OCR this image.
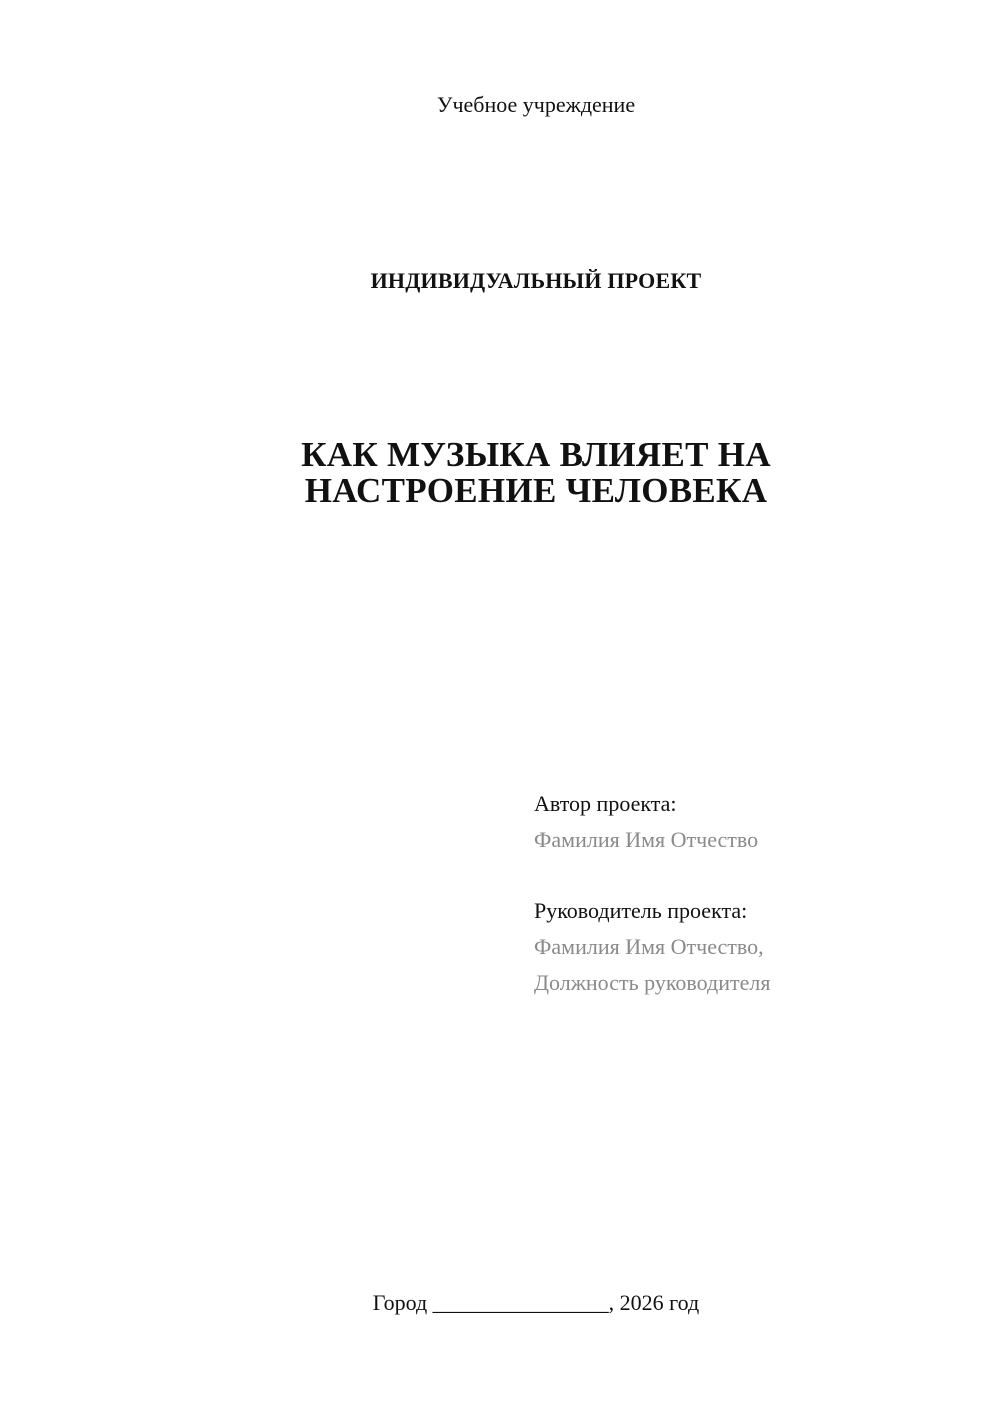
Учебное учреждение
ИНДИВИДУАЛЬНЫЙ ПРОЕКТ
КАК МУЗЫКА ВЛИЯЕТ НА
НАСТРОЕНИЕ ЧЕЛОВЕКА
Автор проекта:
Фамилия Имя Отчество
Руководитель проекта:
Фамилия Имя Отчество,
Должность руководителя
Город ________________, 2026 год
